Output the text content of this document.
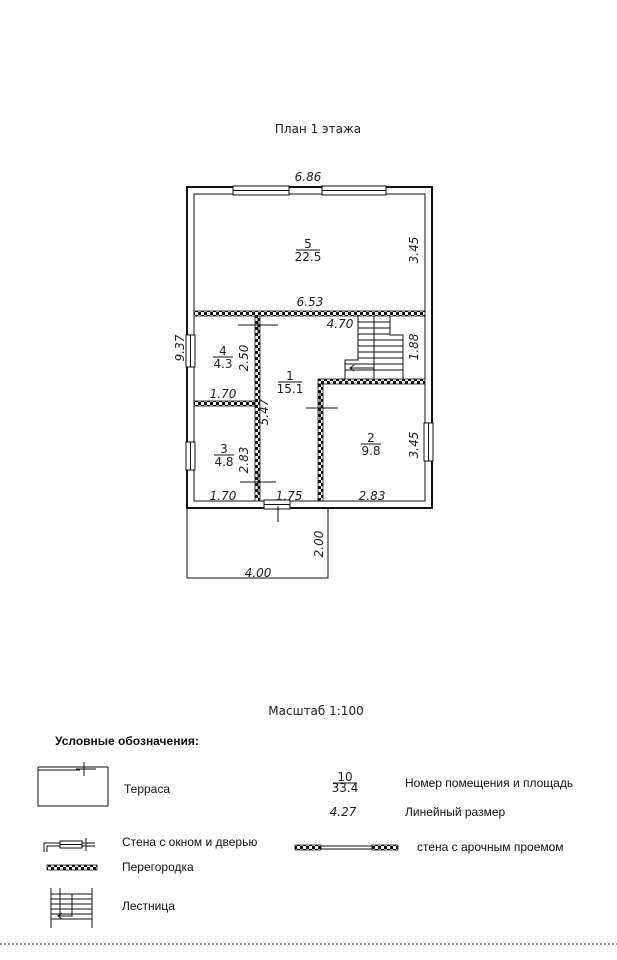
План 1 этажа
6.86
6.53
9.37
3.45
4.70
1.88
2.50
1.70
5.47
2.83
1.70	1.75	2.83
3.45
2.00
4.00
5
22.5
4
4.3
1
15.1
3
4.8
2
9.8
Масштаб 1:100
Условные обозначения:
Терраса
10
33.4	Номер помещения и площадь
4.27	Линейный размер
Стена с окном и дверью
Перегородка
стена с арочным проемом
Лестница
